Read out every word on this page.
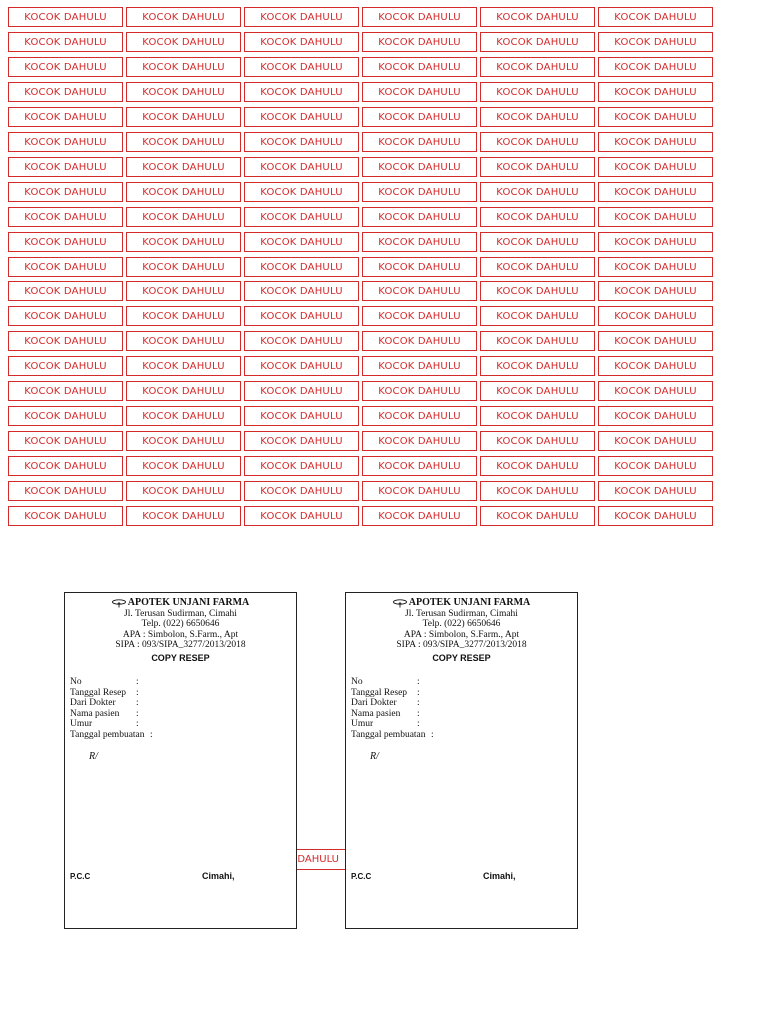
KOCOK DAHULU	KOCOK DAHULU	KOCOK DAHULU	KOCOK DAHULU	KOCOK DAHULU	KOCOK DAHULU
KOCOK DAHULU	KOCOK DAHULU	KOCOK DAHULU	KOCOK DAHULU	KOCOK DAHULU	KOCOK DAHULU
KOCOK DAHULU	KOCOK DAHULU	KOCOK DAHULU	KOCOK DAHULU	KOCOK DAHULU	KOCOK DAHULU
KOCOK DAHULU	KOCOK DAHULU	KOCOK DAHULU	KOCOK DAHULU	KOCOK DAHULU	KOCOK DAHULU
KOCOK DAHULU	KOCOK DAHULU	KOCOK DAHULU	KOCOK DAHULU	KOCOK DAHULU	KOCOK DAHULU
KOCOK DAHULU	KOCOK DAHULU	KOCOK DAHULU	KOCOK DAHULU	KOCOK DAHULU	KOCOK DAHULU
KOCOK DAHULU	KOCOK DAHULU	KOCOK DAHULU	KOCOK DAHULU	KOCOK DAHULU	KOCOK DAHULU
KOCOK DAHULU	KOCOK DAHULU	KOCOK DAHULU	KOCOK DAHULU	KOCOK DAHULU	KOCOK DAHULU
KOCOK DAHULU	KOCOK DAHULU	KOCOK DAHULU	KOCOK DAHULU	KOCOK DAHULU	KOCOK DAHULU
KOCOK DAHULU	KOCOK DAHULU	KOCOK DAHULU	KOCOK DAHULU	KOCOK DAHULU	KOCOK DAHULU
KOCOK DAHULU	KOCOK DAHULU	KOCOK DAHULU	KOCOK DAHULU	KOCOK DAHULU	KOCOK DAHULU
KOCOK DAHULU	KOCOK DAHULU	KOCOK DAHULU	KOCOK DAHULU	KOCOK DAHULU	KOCOK DAHULU
KOCOK DAHULU	KOCOK DAHULU	KOCOK DAHULU	KOCOK DAHULU	KOCOK DAHULU	KOCOK DAHULU
KOCOK DAHULU	KOCOK DAHULU	KOCOK DAHULU	KOCOK DAHULU	KOCOK DAHULU	KOCOK DAHULU
KOCOK DAHULU	KOCOK DAHULU	KOCOK DAHULU	KOCOK DAHULU	KOCOK DAHULU	KOCOK DAHULU
KOCOK DAHULU	KOCOK DAHULU	KOCOK DAHULU	KOCOK DAHULU	KOCOK DAHULU	KOCOK DAHULU
KOCOK DAHULU	KOCOK DAHULU	KOCOK DAHULU	KOCOK DAHULU	KOCOK DAHULU	KOCOK DAHULU
KOCOK DAHULU	KOCOK DAHULU	KOCOK DAHULU	KOCOK DAHULU	KOCOK DAHULU	KOCOK DAHULU
KOCOK DAHULU	KOCOK DAHULU	KOCOK DAHULU	KOCOK DAHULU	KOCOK DAHULU	KOCOK DAHULU
KOCOK DAHULU	KOCOK DAHULU	KOCOK DAHULU	KOCOK DAHULU	KOCOK DAHULU	KOCOK DAHULU
KOCOK DAHULU	KOCOK DAHULU	KOCOK DAHULU	KOCOK DAHULU	KOCOK DAHULU	KOCOK DAHULU
DAHULU
APOTEK UNJANI FARMA
Jl. Terusan Sudirman, Cimahi
Telp. (022) 6650646
APA : Simbolon, S.Farm., Apt
SIPA : 093/SIPA_3277/2013/2018
COPY RESEP
No	:
Tanggal Resep	:
Dari Dokter	:
Nama pasien	:
Umur	:
Tanggal pembuatan :
R/
P.C.C	Cimahi,
APOTEK UNJANI FARMA
Jl. Terusan Sudirman, Cimahi
Telp. (022) 6650646
APA : Simbolon, S.Farm., Apt
SIPA : 093/SIPA_3277/2013/2018
COPY RESEP
No	:
Tanggal Resep	:
Dari Dokter	:
Nama pasien	:
Umur	:
Tanggal pembuatan :
R/
P.C.C	Cimahi,
